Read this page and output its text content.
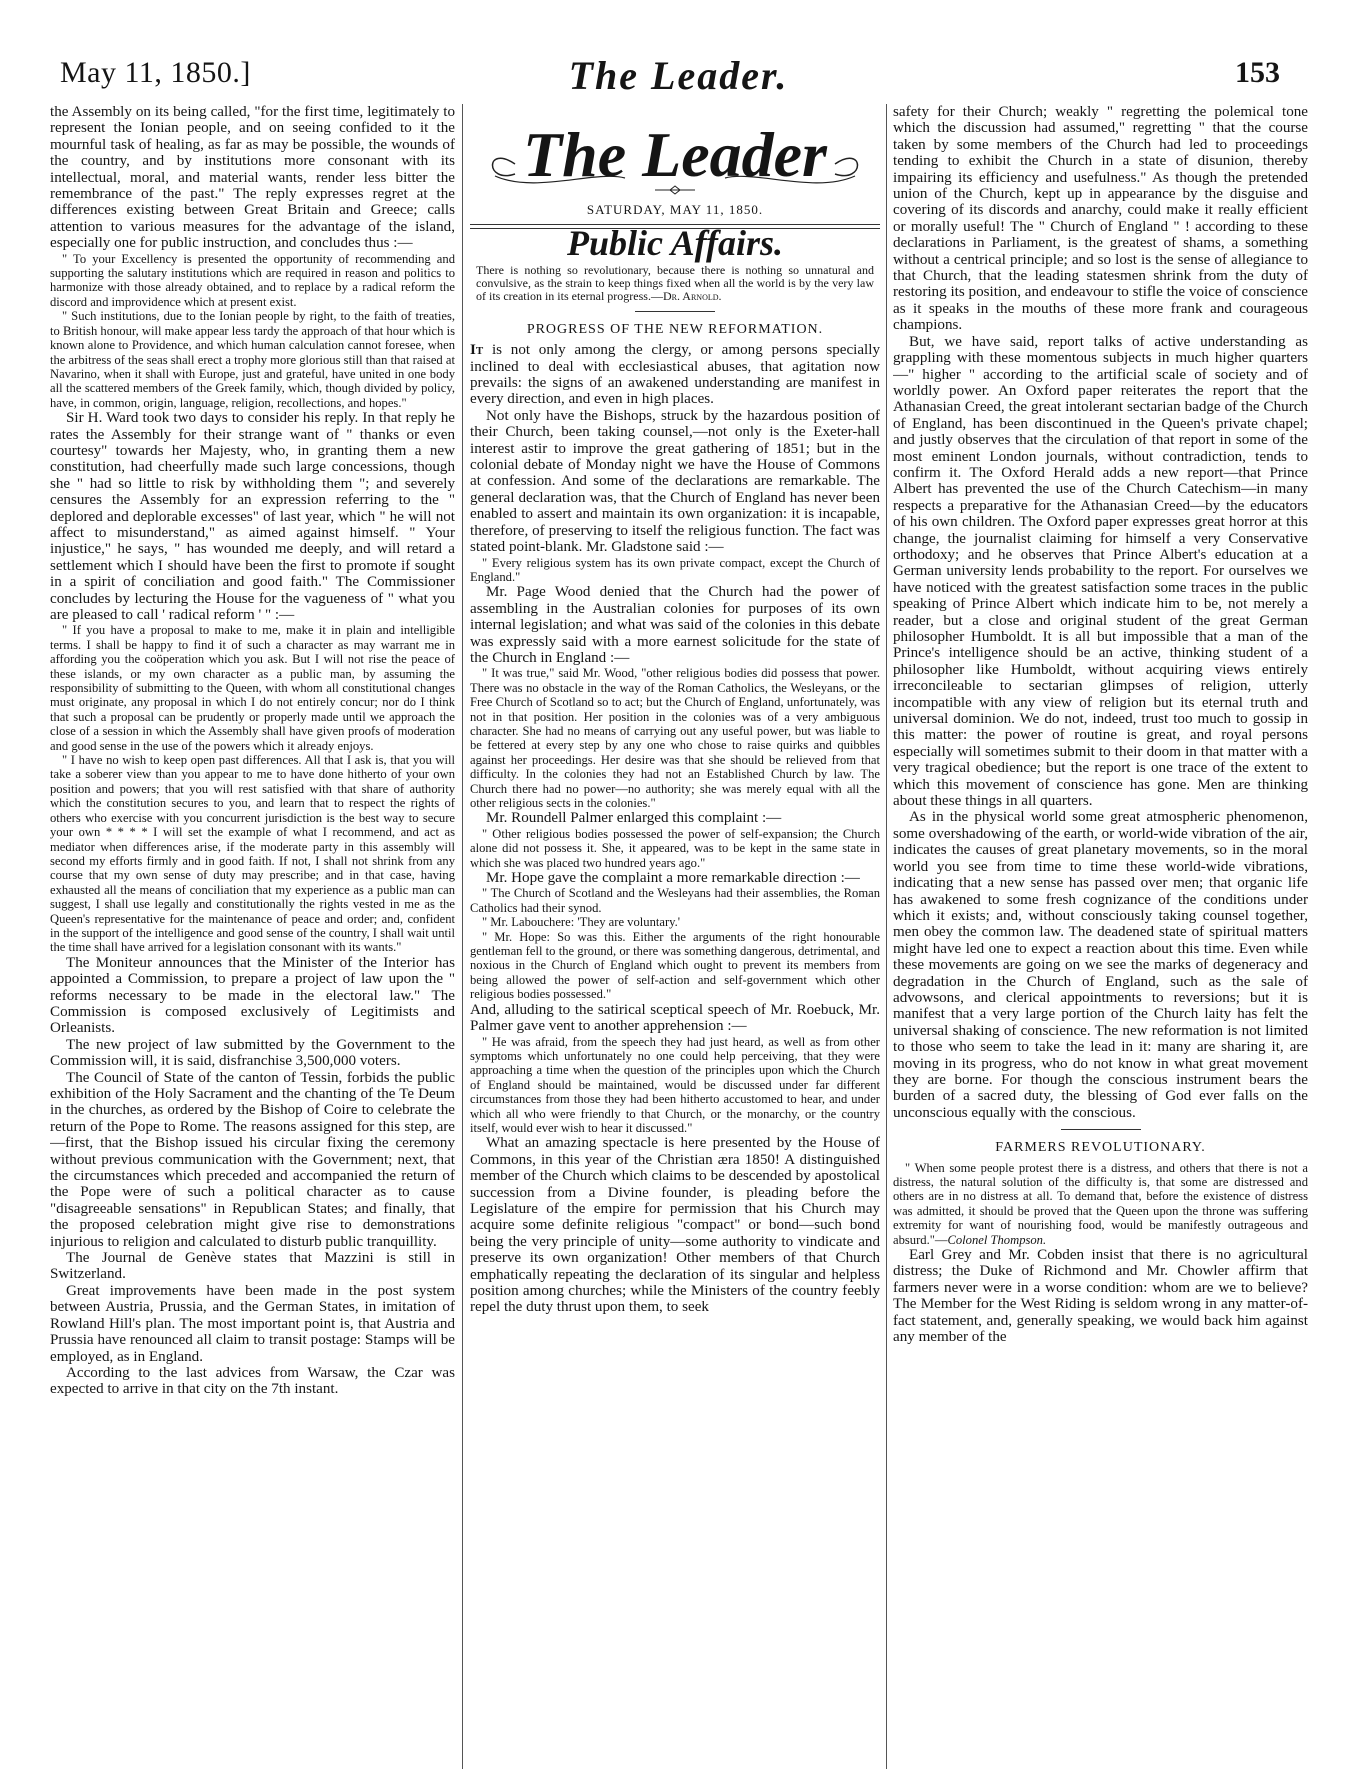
May 11, 1850.]	The Leader.	153

the Assembly on its being called, "for the first time, legitimately to represent the Ionian people, and on seeing confided to it the mournful task of healing, as far as may be possible, the wounds of the country, and by institutions more consonant with its intellectual, moral, and material wants, render less bitter the remembrance of the past." The reply expresses regret at the differences existing between Great Britain and Greece; calls attention to various measures for the advantage of the island, especially one for public instruction, and concludes thus :—

" To your Excellency is presented the opportunity of recommending and supporting the salutary institutions which are required in reason and politics to harmonize with those already obtained, and to replace by a radical reform the discord and improvidence which at present exist.

" Such institutions, due to the Ionian people by right, to the faith of treaties, to British honour, will make appear less tardy the approach of that hour which is known alone to Providence, and which human calculation cannot foresee, when the arbitress of the seas shall erect a trophy more glorious still than that raised at Navarino, when it shall with Europe, just and grateful, have united in one body all the scattered members of the Greek family, which, though divided by policy, have, in common, origin, language, religion, recollections, and hopes."

Sir H. Ward took two days to consider his reply. In that reply he rates the Assembly for their strange want of " thanks or even courtesy" towards her Majesty, who, in granting them a new constitution, had cheerfully made such large concessions, though she " had so little to risk by withholding them "; and severely censures the Assembly for an expression referring to the " deplored and deplorable excesses" of last year, which " he will not affect to misunderstand," as aimed against himself. " Your injustice," he says, " has wounded me deeply, and will retard a settlement which I should have been the first to promote if sought in a spirit of conciliation and good faith." The Commissioner concludes by lecturing the House for the vagueness of " what you are pleased to call ' radical reform ' " :—

" If you have a proposal to make to me, make it in plain and intelligible terms. I shall be happy to find it of such a character as may warrant me in affording you the coöperation which you ask. But I will not rise the peace of these islands, or my own character as a public man, by assuming the responsibility of submitting to the Queen, with whom all constitutional changes must originate, any proposal in which I do not entirely concur; nor do I think that such a proposal can be prudently or properly made until we approach the close of a session in which the Assembly shall have given proofs of moderation and good sense in the use of the powers which it already enjoys.

" I have no wish to keep open past differences. All that I ask is, that you will take a soberer view than you appear to me to have done hitherto of your own position and powers; that you will rest satisfied with that share of authority which the constitution secures to you, and learn that to respect the rights of others who exercise with you concurrent jurisdiction is the best way to secure your own * * * * I will set the example of what I recommend, and act as mediator when differences arise, if the moderate party in this assembly will second my efforts firmly and in good faith. If not, I shall not shrink from any course that my own sense of duty may prescribe; and in that case, having exhausted all the means of conciliation that my experience as a public man can suggest, I shall use legally and constitutionally the rights vested in me as the Queen's representative for the maintenance of peace and order; and, confident in the support of the intelligence and good sense of the country, I shall wait until the time shall have arrived for a legislation consonant with its wants."

The Moniteur announces that the Minister of the Interior has appointed a Commission, to prepare a project of law upon the " reforms necessary to be made in the electoral law." The Commission is composed exclusively of Legitimists and Orleanists.

The new project of law submitted by the Government to the Commission will, it is said, disfranchise 3,500,000 voters.

The Council of State of the canton of Tessin, forbids the public exhibition of the Holy Sacrament and the chanting of the Te Deum in the churches, as ordered by the Bishop of Coire to celebrate the return of the Pope to Rome. The reasons assigned for this step, are—first, that the Bishop issued his circular fixing the ceremony without previous communication with the Government; next, that the circumstances which preceded and accompanied the return of the Pope were of such a political character as to cause "disagreeable sensations" in Republican States; and finally, that the proposed celebration might give rise to demonstrations injurious to religion and calculated to disturb public tranquillity.

The Journal de Genève states that Mazzini is still in Switzerland.

Great improvements have been made in the post system between Austria, Prussia, and the German States, in imitation of Rowland Hill's plan. The most important point is, that Austria and Prussia have renounced all claim to transit postage: Stamps will be employed, as in England.

According to the last advices from Warsaw, the Czar was expected to arrive in that city on the 7th instant.

The Leader
SATURDAY, MAY 11, 1850.
Public Affairs.
There is nothing so revolutionary, because there is nothing so unnatural and convulsive, as the strain to keep things fixed when all the world is by the very law of its creation in its eternal progress.—Dr. Arnold.
PROGRESS OF THE NEW REFORMATION.

It is not only among the clergy, or among persons specially inclined to deal with ecclesiastical abuses, that agitation now prevails: the signs of an awakened understanding are manifest in every direction, and even in high places.

Not only have the Bishops, struck by the hazardous position of their Church, been taking counsel,—not only is the Exeter-hall interest astir to improve the great gathering of 1851; but in the colonial debate of Monday night we have the House of Commons at confession. And some of the declarations are remarkable. The general declaration was, that the Church of England has never been enabled to assert and maintain its own organization: it is incapable, therefore, of preserving to itself the religious function. The fact was stated point-blank. Mr. Gladstone said :—

" Every religious system has its own private compact, except the Church of England."

Mr. Page Wood denied that the Church had the power of assembling in the Australian colonies for purposes of its own internal legislation; and what was said of the colonies in this debate was expressly said with a more earnest solicitude for the state of the Church in England :—

" It was true," said Mr. Wood, "other religious bodies did possess that power. There was no obstacle in the way of the Roman Catholics, the Wesleyans, or the Free Church of Scotland so to act; but the Church of England, unfortunately, was not in that position. Her position in the colonies was of a very ambiguous character. She had no means of carrying out any useful power, but was liable to be fettered at every step by any one who chose to raise quirks and quibbles against her proceedings. Her desire was that she should be relieved from that difficulty. In the colonies they had not an Established Church by law. The Church there had no power—no authority; she was merely equal with all the other religious sects in the colonies."

Mr. Roundell Palmer enlarged this complaint :—

" Other religious bodies possessed the power of self-expansion; the Church alone did not possess it. She, it appeared, was to be kept in the same state in which she was placed two hundred years ago."

Mr. Hope gave the complaint a more remarkable direction :—

" The Church of Scotland and the Wesleyans had their assemblies, the Roman Catholics had their synod.

" Mr. Labouchere: 'They are voluntary.'

" Mr. Hope: So was this. Either the arguments of the right honourable gentleman fell to the ground, or there was something dangerous, detrimental, and noxious in the Church of England which ought to prevent its members from being allowed the power of self-action and self-government which other religious bodies possessed."

And, alluding to the satirical sceptical speech of Mr. Roebuck, Mr. Palmer gave vent to another apprehension :—

" He was afraid, from the speech they had just heard, as well as from other symptoms which unfortunately no one could help perceiving, that they were approaching a time when the question of the principles upon which the Church of England should be maintained, would be discussed under far different circumstances from those they had been hitherto accustomed to hear, and under which all who were friendly to that Church, or the monarchy, or the country itself, would ever wish to hear it discussed."

What an amazing spectacle is here presented by the House of Commons, in this year of the Christian æra 1850! A distinguished member of the Church which claims to be descended by apostolical succession from a Divine founder, is pleading before the Legislature of the empire for permission that his Church may acquire some definite religious "compact" or bond—such bond being the very principle of unity—some authority to vindicate and preserve its own organization! Other members of that Church emphatically repeating the declaration of its singular and helpless position among churches; while the Ministers of the country feebly repel the duty thrust upon them, to seek

safety for their Church; weakly " regretting the polemical tone which the discussion had assumed," regretting " that the course taken by some members of the Church had led to proceedings tending to exhibit the Church in a state of disunion, thereby impairing its efficiency and usefulness." As though the pretended union of the Church, kept up in appearance by the disguise and covering of its discords and anarchy, could make it really efficient or morally useful! The " Church of England " ! according to these declarations in Parliament, is the greatest of shams, a something without a centrical principle; and so lost is the sense of allegiance to that Church, that the leading statesmen shrink from the duty of restoring its position, and endeavour to stifle the voice of conscience as it speaks in the mouths of these more frank and courageous champions.

But, we have said, report talks of active understanding as grappling with these momentous subjects in much higher quarters—" higher " according to the artificial scale of society and of worldly power. An Oxford paper reiterates the report that the Athanasian Creed, the great intolerant sectarian badge of the Church of England, has been discontinued in the Queen's private chapel; and justly observes that the circulation of that report in some of the most eminent London journals, without contradiction, tends to confirm it. The Oxford Herald adds a new report—that Prince Albert has prevented the use of the Church Catechism—in many respects a preparative for the Athanasian Creed—by the educators of his own children. The Oxford paper expresses great horror at this change, the journalist claiming for himself a very Conservative orthodoxy; and he observes that Prince Albert's education at a German university lends probability to the report. For ourselves we have noticed with the greatest satisfaction some traces in the public speaking of Prince Albert which indicate him to be, not merely a reader, but a close and original student of the great German philosopher Humboldt. It is all but impossible that a man of the Prince's intelligence should be an active, thinking student of a philosopher like Humboldt, without acquiring views entirely irreconcileable to sectarian glimpses of religion, utterly incompatible with any view of religion but its eternal truth and universal dominion. We do not, indeed, trust too much to gossip in this matter: the power of routine is great, and royal persons especially will sometimes submit to their doom in that matter with a very tragical obedience; but the report is one trace of the extent to which this movement of conscience has gone. Men are thinking about these things in all quarters.

As in the physical world some great atmospheric phenomenon, some overshadowing of the earth, or world-wide vibration of the air, indicates the causes of great planetary movements, so in the moral world you see from time to time these world-wide vibrations, indicating that a new sense has passed over men; that organic life has awakened to some fresh cognizance of the conditions under which it exists; and, without consciously taking counsel together, men obey the common law. The deadened state of spiritual matters might have led one to expect a reaction about this time. Even while these movements are going on we see the marks of degeneracy and degradation in the Church of England, such as the sale of advowsons, and clerical appointments to reversions; but it is manifest that a very large portion of the Church laity has felt the universal shaking of conscience. The new reformation is not limited to those who seem to take the lead in it: many are sharing it, are moving in its progress, who do not know in what great movement they are borne. For though the conscious instrument bears the burden of a sacred duty, the blessing of God ever falls on the unconscious equally with the conscious.

FARMERS REVOLUTIONARY.

" When some people protest there is a distress, and others that there is not a distress, the natural solution of the difficulty is, that some are distressed and others are in no distress at all. To demand that, before the existence of distress was admitted, it should be proved that the Queen upon the throne was suffering extremity for want of nourishing food, would be manifestly outrageous and absurd."—Colonel Thompson.

Earl Grey and Mr. Cobden insist that there is no agricultural distress; the Duke of Richmond and Mr. Chowler affirm that farmers never were in a worse condition: whom are we to believe? The Member for the West Riding is seldom wrong in any matter-of-fact statement, and, generally speaking, we would back him against any member of the
